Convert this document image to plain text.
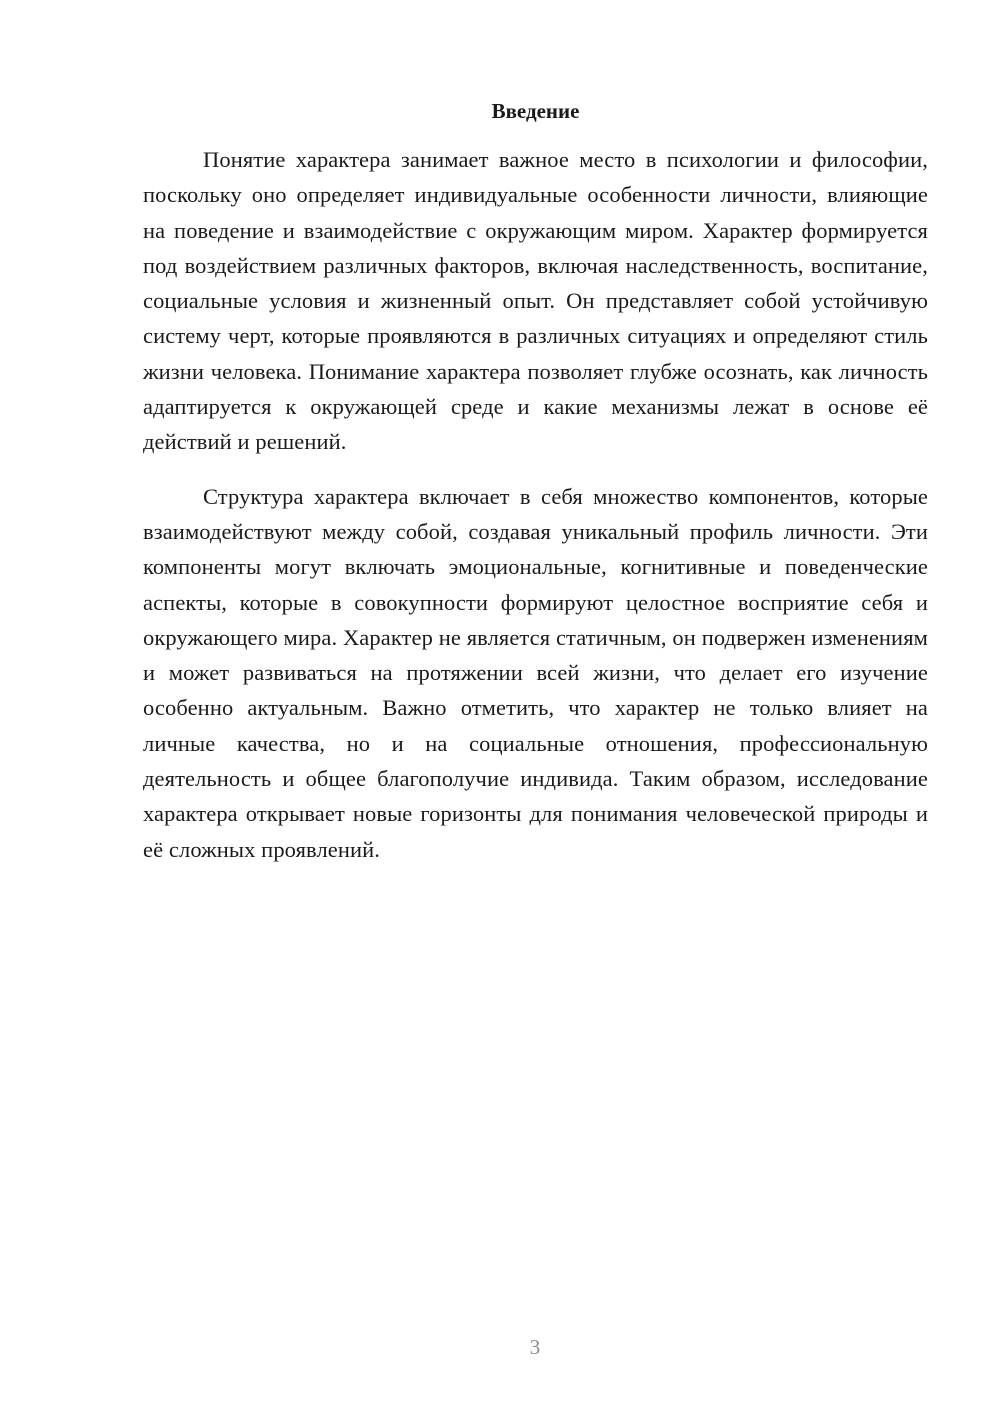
Введение

Понятие характера занимает важное место в психологии и философии, поскольку оно определяет индивидуальные особенности личности, влияющие на поведение и взаимодействие с окружающим миром. Характер формируется под воздействием различных факторов, включая наследственность, воспитание, социальные условия и жизненный опыт. Он представляет собой устойчивую систему черт, которые проявляются в различных ситуациях и определяют стиль жизни человека. Понимание характера позволяет глубже осознать, как личность адаптируется к окружающей среде и какие механизмы лежат в основе её действий и решений.

Структура характера включает в себя множество компонентов, которые взаимодействуют между собой, создавая уникальный профиль личности. Эти компоненты могут включать эмоциональные, когнитивные и поведенческие аспекты, которые в совокупности формируют целостное восприятие себя и окружающего мира. Характер не является статичным, он подвержен изменениям и может развиваться на протяжении всей жизни, что делает его изучение особенно актуальным. Важно отметить, что характер не только влияет на личные качества, но и на социальные отношения, профессиональную деятельность и общее благополучие индивида. Таким образом, исследование характера открывает новые горизонты для понимания человеческой природы и её сложных проявлений.

3
